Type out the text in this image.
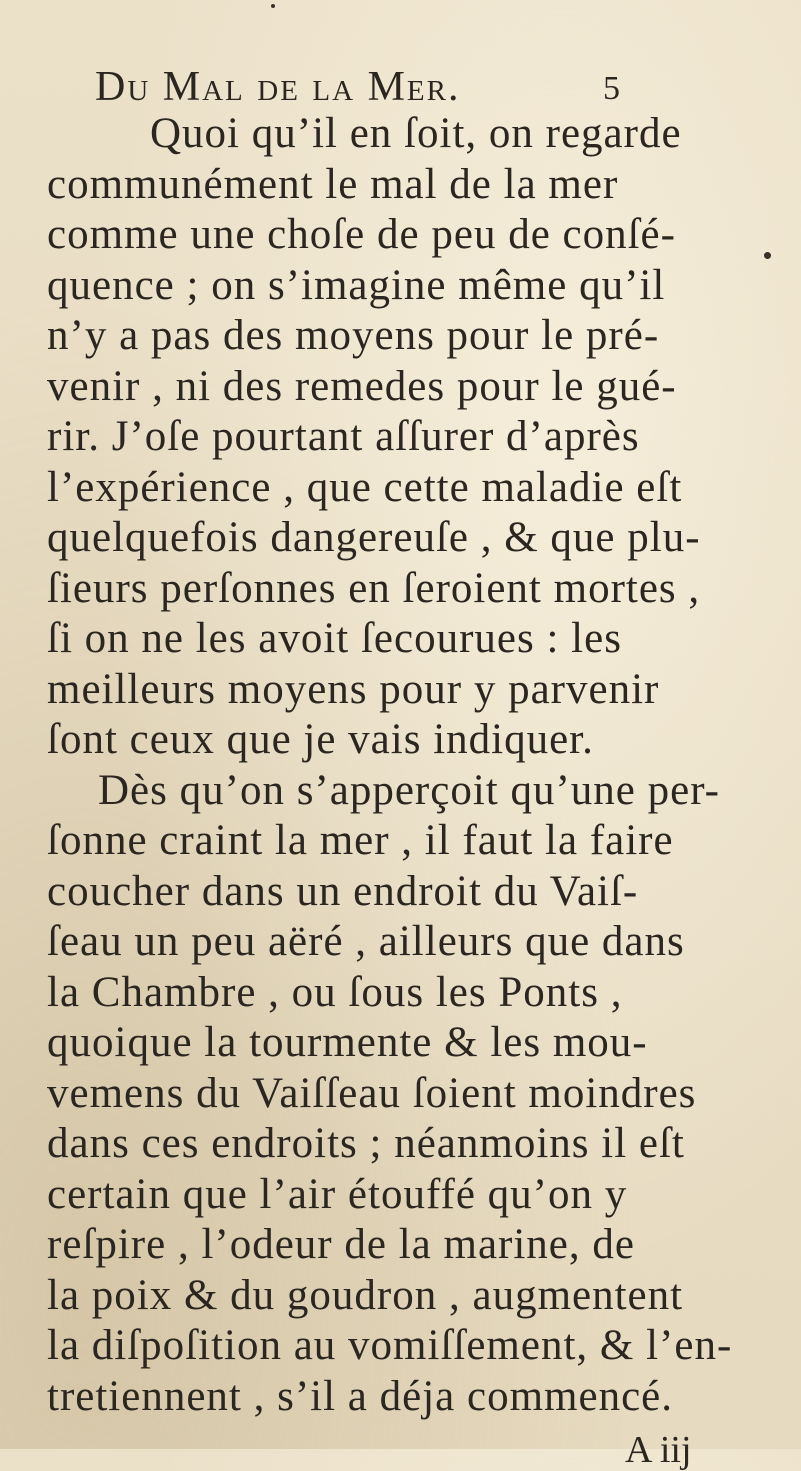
Du Mal de la Mer.	5
Quoi qu’il en ſoit, on regarde
communément le mal de la mer
comme une choſe de peu de conſé-
quence ; on s’imagine même qu’il
n’y a pas des moyens pour le pré-
venir , ni des remedes pour le gué-
rir. J’oſe pourtant aſſurer d’après
l’expérience , que cette maladie eſt
quelquefois dangereuſe , & que plu-
ſieurs perſonnes en ſeroient mortes ,
ſi on ne les avoit ſecourues : les
meilleurs moyens pour y parvenir
ſont ceux que je vais indiquer.
Dès qu’on s’apperçoit qu’une per-
ſonne craint la mer , il faut la faire
coucher dans un endroit du Vaiſ-
ſeau un peu aëré , ailleurs que dans
la Chambre , ou ſous les Ponts ,
quoique la tourmente & les mou-
vemens du Vaiſſeau ſoient moindres
dans ces endroits ; néanmoins il eſt
certain que l’air étouffé qu’on y
reſpire , l’odeur de la marine, de
la poix & du goudron , augmentent
la diſpoſition au vomiſſement, & l’en-
tretiennent , s’il a déja commencé.
A iij
